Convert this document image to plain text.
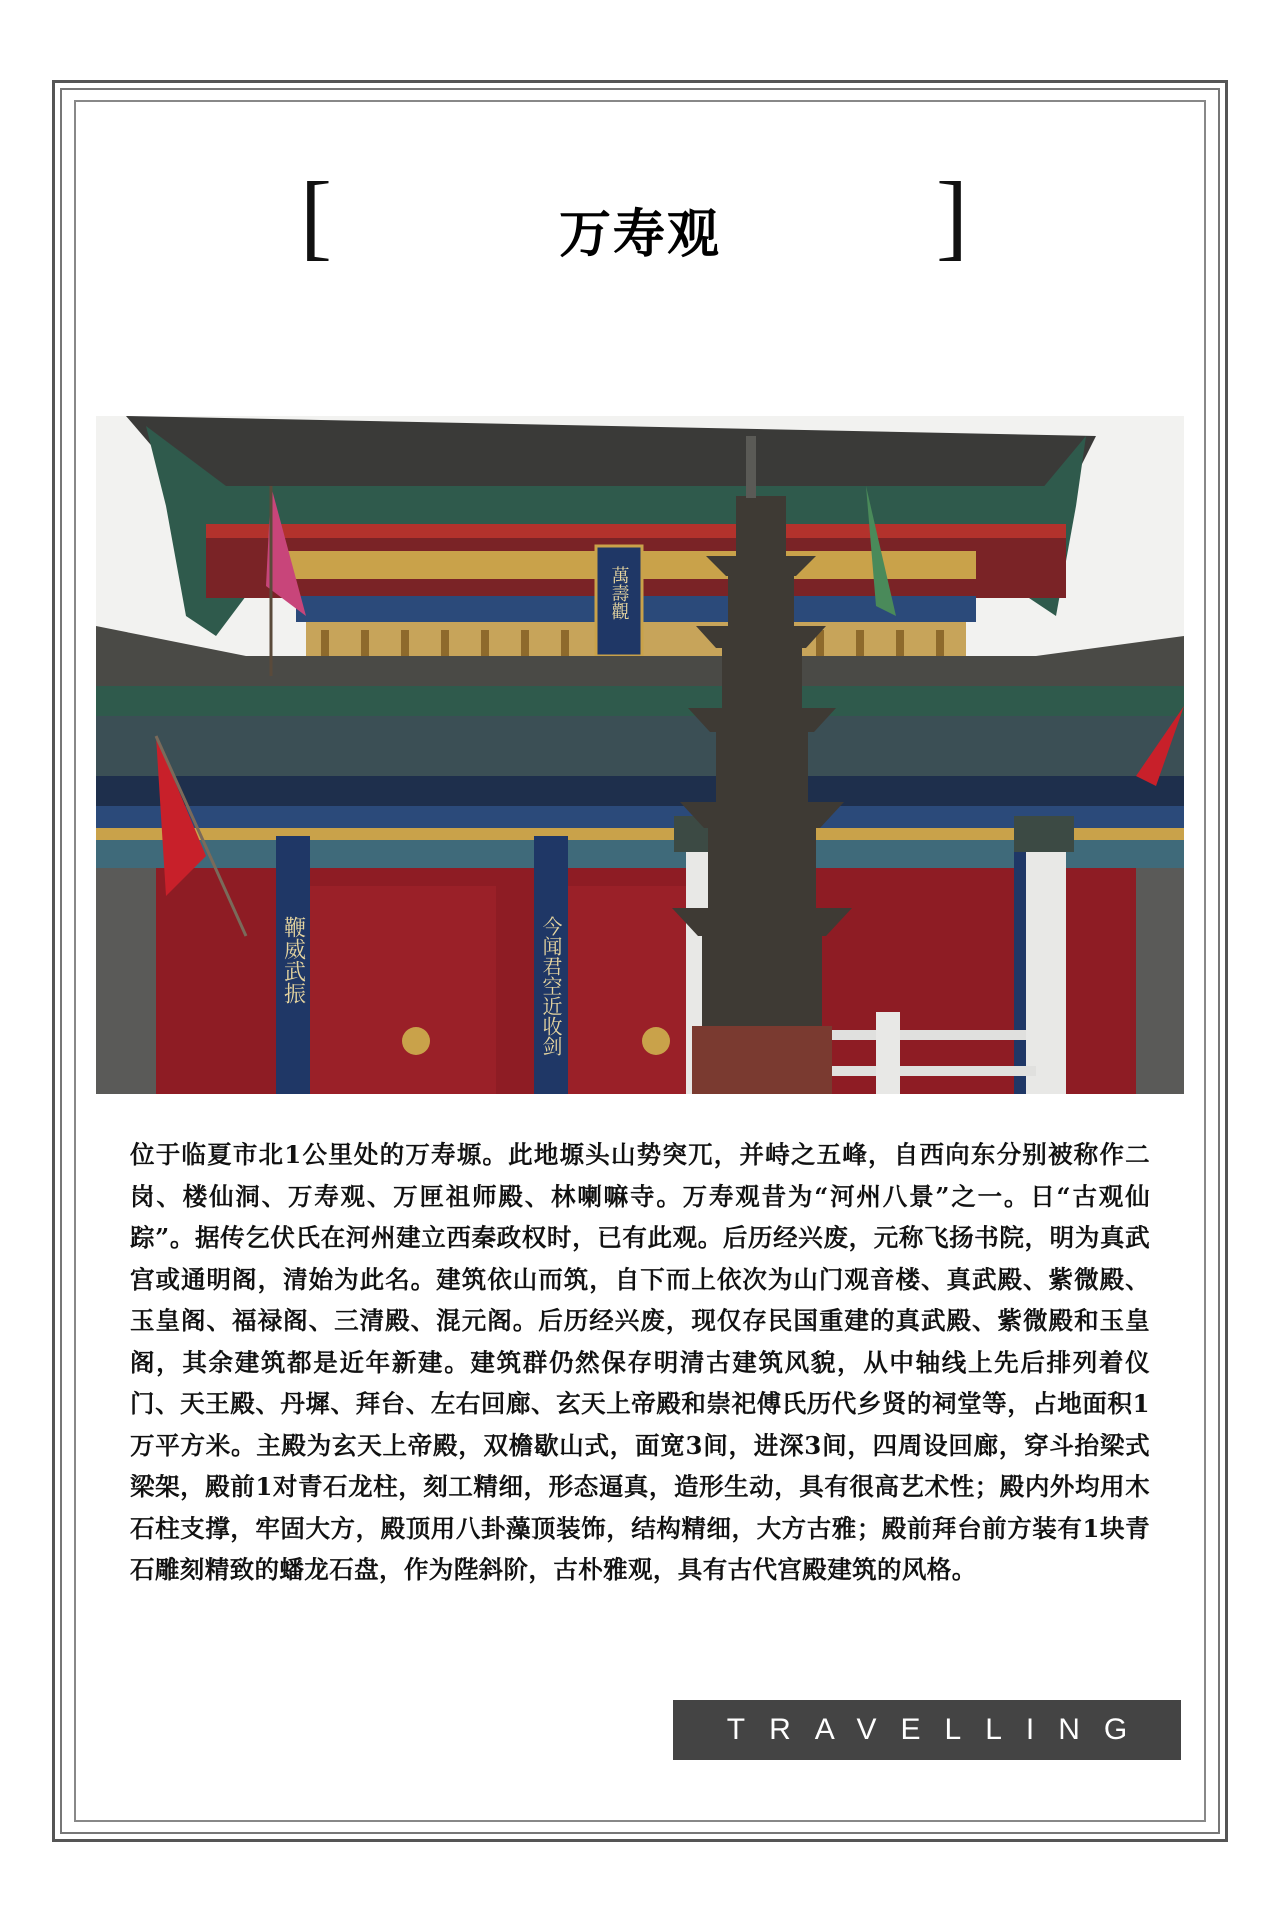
[	]
万寿观
萬壽觀
鞭威武振	今闻君空近收剑

位于临夏市北1公里处的万寿塬。此地塬头山势突兀，并峙之五峰，自西向东分别被称作二岗、楼仙洞、万寿观、万匣祖师殿、林喇嘛寺。万寿观昔为“河州八景”之一。日“古观仙踪”。据传乞伏氏在河州建立西秦政权时，已有此观。后历经兴废，元称飞扬书院，明为真武宫或通明阁，清始为此名。建筑依山而筑，自下而上依次为山门观音楼、真武殿、紫微殿、玉皇阁、福禄阁、三清殿、混元阁。后历经兴废，现仅存民国重建的真武殿、紫微殿和玉皇阁，其余建筑都是近年新建。建筑群仍然保存明清古建筑风貌，从中轴线上先后排列着仪门、天王殿、丹墀、拜台、左右回廊、玄天上帝殿和崇祀傅氏历代乡贤的祠堂等，占地面积1万平方米。主殿为玄天上帝殿，双檐歇山式，面宽3间，进深3间，四周设回廊，穿斗抬梁式梁架，殿前1对青石龙柱，刻工精细，形态逼真，造形生动，具有很高艺术性；殿内外均用木石柱支撑，牢固大方，殿顶用八卦藻顶装饰，结构精细，大方古雅；殿前拜台前方装有1块青石雕刻精致的蟠龙石盘，作为陛斜阶，古朴雅观，具有古代宫殿建筑的风格。

TRAVELLING
